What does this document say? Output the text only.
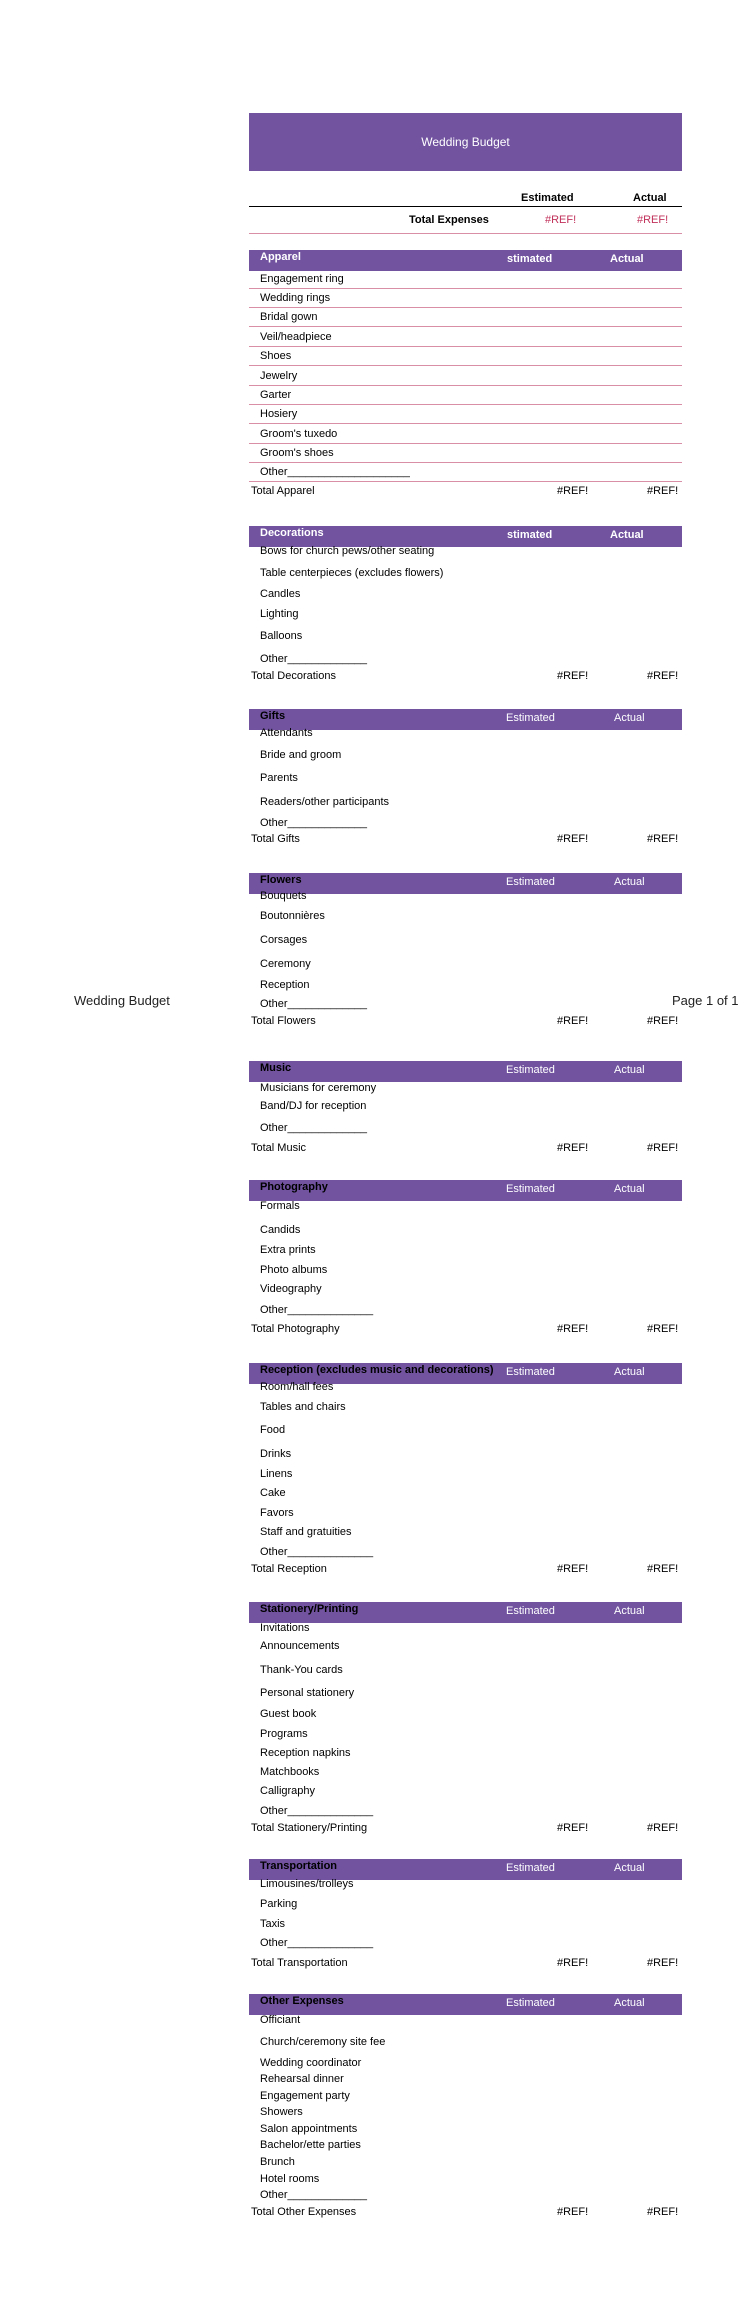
Wedding Budget
Estimated	Actual
Total Expenses	#REF!	#REF!
Wedding Budget	Page 1 of 1
Apparel	stimated	Actual
Engagement ring
Wedding rings
Bridal gown
Veil/headpiece
Shoes
Jewelry
Garter
Hosiery
Groom's tuxedo
Groom's shoes
Other____________________
Total Apparel	#REF!	#REF!
Decorations	stimated	Actual
Bows for church pews/other seating
Table centerpieces (excludes flowers)
Candles
Lighting
Balloons
Other_____________
Total Decorations	#REF!	#REF!
Gifts	Estimated	Actual
Attendants
Bride and groom
Parents
Readers/other participants
Other_____________
Total Gifts	#REF!	#REF!
Flowers	Estimated	Actual
Bouquets
Boutonnières
Corsages
Ceremony
Reception
Other_____________
Total Flowers	#REF!	#REF!
Music	Estimated	Actual
Musicians for ceremony
Band/DJ for reception
Other_____________
Total Music	#REF!	#REF!
Photography	Estimated	Actual
Formals
Candids
Extra prints
Photo albums
Videography
Other______________
Total Photography	#REF!	#REF!
Reception (excludes music and decorations) Estimated	Actual
Room/hall fees
Tables and chairs
Food
Drinks
Linens
Cake
Favors
Staff and gratuities
Other______________
Total Reception	#REF!	#REF!
Stationery/Printing	Estimated	Actual
Invitations
Announcements
Thank-You cards
Personal stationery
Guest book
Programs
Reception napkins
Matchbooks
Calligraphy
Other______________
Total Stationery/Printing	#REF!	#REF!
Transportation	Estimated	Actual
Limousines/trolleys
Parking
Taxis
Other______________
Total Transportation	#REF!	#REF!
Other Expenses	Estimated	Actual
Officiant
Church/ceremony site fee
Wedding coordinator
Rehearsal dinner
Engagement party
Showers
Salon appointments
Bachelor/ette parties
Brunch
Hotel rooms
Other_____________
Total Other Expenses	#REF!	#REF!
